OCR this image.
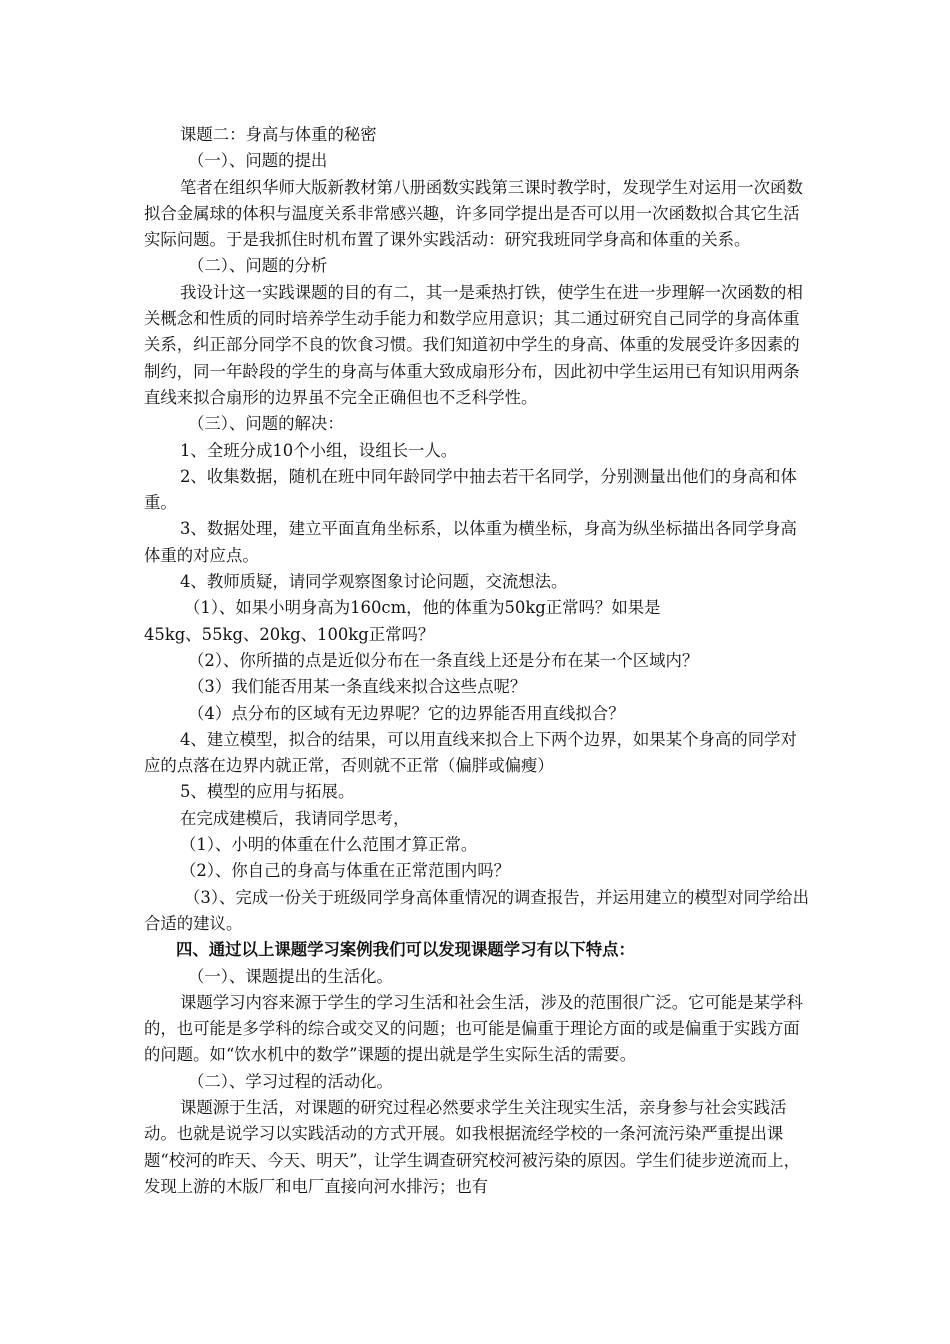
课题二：身高与体重的秘密

（一）、问题的提出

笔者在组织华师大版新教材第八册函数实践第三课时教学时，发现学生对运用一次函数拟合金属球的体积与温度关系非常感兴趣，许多同学提出是否可以用一次函数拟合其它生活实际问题。于是我抓住时机布置了课外实践活动：研究我班同学身高和体重的关系。

（二）、问题的分析

我设计这一实践课题的目的有二，其一是乘热打铁，使学生在进一步理解一次函数的相关概念和性质的同时培养学生动手能力和数学应用意识；其二通过研究自己同学的身高体重关系，纠正部分同学不良的饮食习惯。我们知道初中学生的身高、体重的发展受许多因素的制约，同一年龄段的学生的身高与体重大致成扇形分布，因此初中学生运用已有知识用两条直线来拟合扇形的边界虽不完全正确但也不乏科学性。

（三）、问题的解决：

1、全班分成10个小组，设组长一人。

2、收集数据，随机在班中同年龄同学中抽去若干名同学，分别测量出他们的身高和体重。

3、数据处理，建立平面直角坐标系，以体重为横坐标，身高为纵坐标描出各同学身高体重的对应点。

4、教师质疑，请同学观察图象讨论问题，交流想法。

（1）、如果小明身高为160cm，他的体重为50kg正常吗？如果是

45kg、55kg、20kg、100kg正常吗？

（2）、你所描的点是近似分布在一条直线上还是分布在某一个区域内？

（3）我们能否用某一条直线来拟合这些点呢？

（4）点分布的区域有无边界呢？它的边界能否用直线拟合？

4、建立模型，拟合的结果，可以用直线来拟合上下两个边界，如果某个身高的同学对应的点落在边界内就正常，否则就不正常（偏胖或偏瘦）

5、模型的应用与拓展。

在完成建模后，我请同学思考，

（1）、小明的体重在什么范围才算正常。

（2）、你自己的身高与体重在正常范围内吗？

（3）、完成一份关于班级同学身高体重情况的调查报告，并运用建立的模型对同学给出合适的建议。

四、通过以上课题学习案例我们可以发现课题学习有以下特点：

（一）、课题提出的生活化。

课题学习内容来源于学生的学习生活和社会生活，涉及的范围很广泛。它可能是某学科的，也可能是多学科的综合或交叉的问题；也可能是偏重于理论方面的或是偏重于实践方面的问题。如“饮水机中的数学”课题的提出就是学生实际生活的需要。

（二）、学习过程的活动化。

课题源于生活，对课题的研究过程必然要求学生关注现实生活，亲身参与社会实践活动。也就是说学习以实践活动的方式开展。如我根据流经学校的一条河流污染严重提出课题“校河的昨天、今天、明天”，让学生调查研究校河被污染的原因。学生们徒步逆流而上，发现上游的木版厂和电厂直接向河水排污；也有
